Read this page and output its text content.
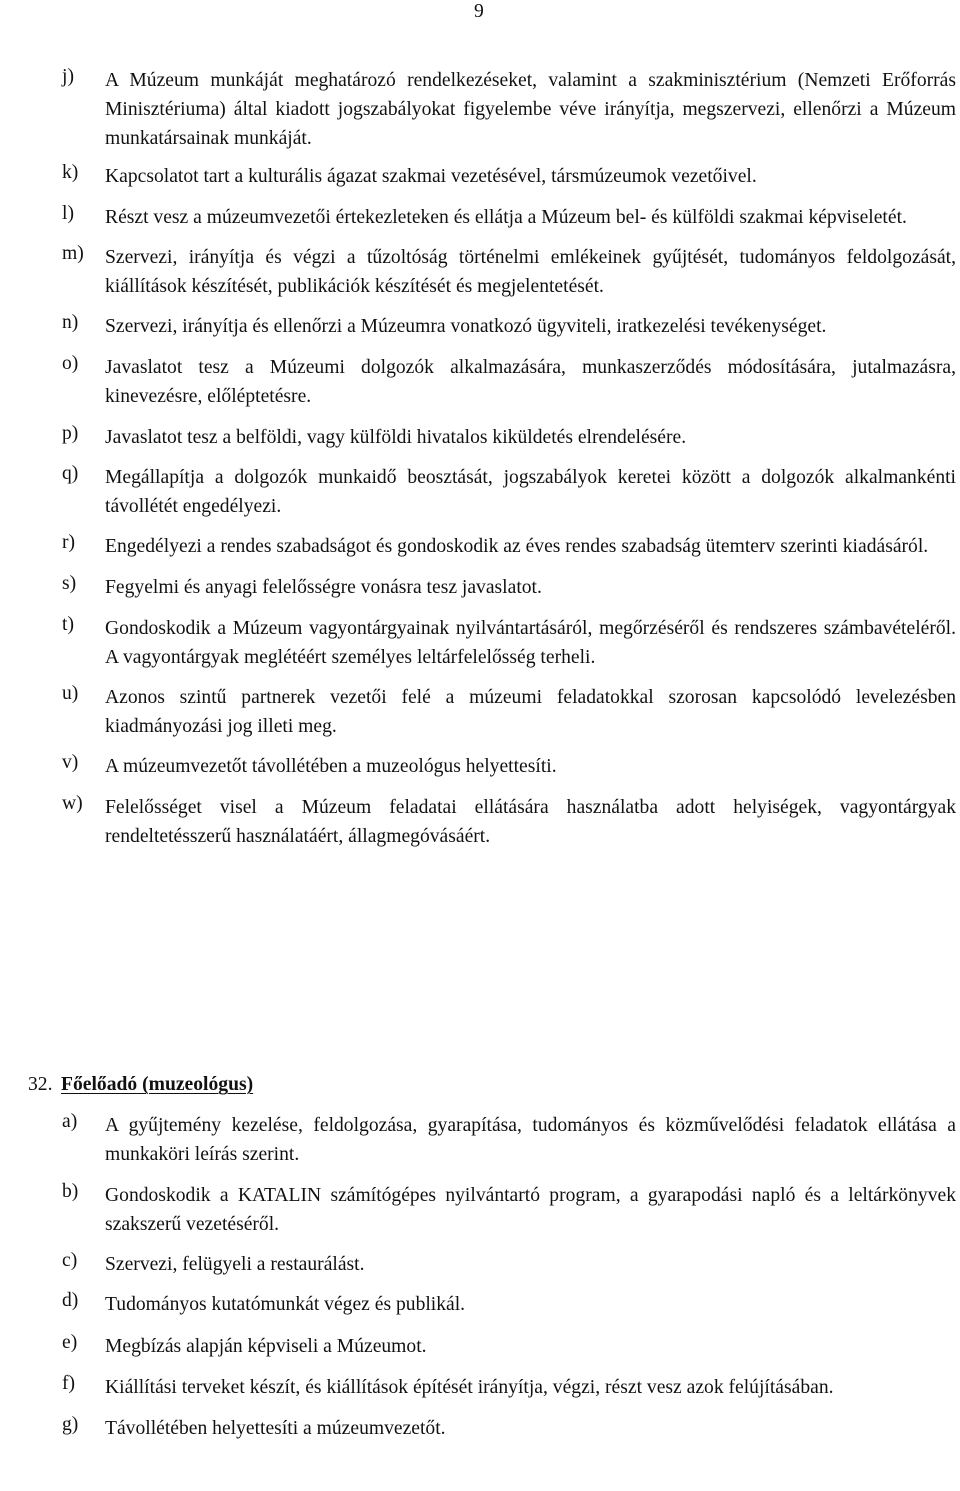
9
j)	A Múzeum munkáját meghatározó rendelkezéseket, valamint a szakminisztérium (Nemzeti Erőforrás Minisztériuma) által kiadott jogszabályokat figyelembe véve irányítja, megszervezi, ellenőrzi a Múzeum munkatársainak munkáját.
k)	Kapcsolatot tart a kulturális ágazat szakmai vezetésével, társmúzeumok vezetőivel.
l)	Részt vesz a múzeumvezetői értekezleteken és ellátja a Múzeum bel- és külföldi szakmai képviseletét.
m)	Szervezi, irányítja és végzi a tűzoltóság történelmi emlékeinek gyűjtését, tudományos feldolgozását, kiállítások készítését, publikációk készítését és megjelentetését.
n)	Szervezi, irányítja és ellenőrzi a Múzeumra vonatkozó ügyviteli, iratkezelési tevékenységet.
o)	Javaslatot tesz a Múzeumi dolgozók alkalmazására, munkaszerződés módosítására, jutalmazásra, kinevezésre, előléptetésre.
p)	Javaslatot tesz a belföldi, vagy külföldi hivatalos kiküldetés elrendelésére.
q)	Megállapítja a dolgozók munkaidő beosztását, jogszabályok keretei között a dolgozók alkalmankénti távollétét engedélyezi.
r)	Engedélyezi a rendes szabadságot és gondoskodik az éves rendes szabadság ütemterv szerinti kiadásáról.
s)	Fegyelmi és anyagi felelősségre vonásra tesz javaslatot.
t)	Gondoskodik a Múzeum vagyontárgyainak nyilvántartásáról, megőrzéséről és rendszeres számbavételéről. A vagyontárgyak meglétéért személyes leltárfelelősség terheli.
u)	Azonos szintű partnerek vezetői felé a múzeumi feladatokkal szorosan kapcsolódó levelezésben kiadmányozási jog illeti meg.
v)	A múzeumvezetőt távollétében a muzeológus helyettesíti.
w)	Felelősséget visel a Múzeum feladatai ellátására használatba adott helyiségek, vagyontárgyak rendeltetésszerű használatáért, állagmegóvásáért.
32. Főelőadó (muzeológus)
a)	A gyűjtemény kezelése, feldolgozása, gyarapítása, tudományos és közművelődési feladatok ellátása a munkaköri leírás szerint.
b)	Gondoskodik a KATALIN számítógépes nyilvántartó program, a gyarapodási napló és a leltárkönyvek szakszerű vezetéséről.
c)	Szervezi, felügyeli a restaurálást.
d)	Tudományos kutatómunkát végez és publikál.
e)	Megbízás alapján képviseli a Múzeumot.
f)	Kiállítási terveket készít, és kiállítások építését irányítja, végzi, részt vesz azok felújításában.
g)	Távollétében helyettesíti a múzeumvezetőt.
